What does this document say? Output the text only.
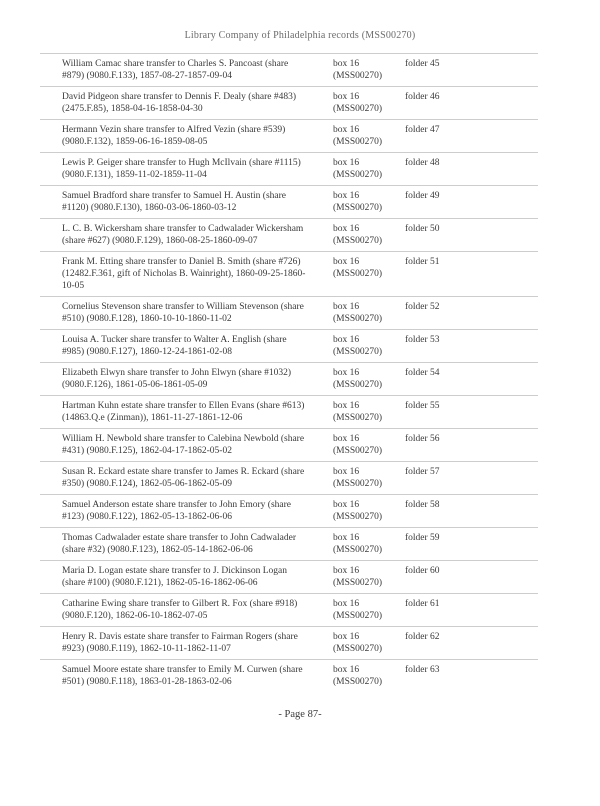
Library Company of Philadelphia records (MSS00270)
William Camac share transfer to Charles S. Pancoast (share #879) (9080.F.133), 1857-08-27-1857-09-04
box 16 (MSS00270)
folder 45
David Pidgeon share transfer to Dennis F. Dealy (share #483) (2475.F.85), 1858-04-16-1858-04-30
box 16 (MSS00270)
folder 46
Hermann Vezin share transfer to Alfred Vezin (share #539) (9080.F.132), 1859-06-16-1859-08-05
box 16 (MSS00270)
folder 47
Lewis P. Geiger share transfer to Hugh McIlvain (share #1115) (9080.F.131), 1859-11-02-1859-11-04
box 16 (MSS00270)
folder 48
Samuel Bradford share transfer to Samuel H. Austin (share #1120) (9080.F.130), 1860-03-06-1860-03-12
box 16 (MSS00270)
folder 49
L. C. B. Wickersham share transfer to Cadwalader Wickersham (share #627) (9080.F.129), 1860-08-25-1860-09-07
box 16 (MSS00270)
folder 50
Frank M. Etting share transfer to Daniel B. Smith (share #726) (12482.F.361, gift of Nicholas B. Wainright), 1860-09-25-1860-10-05
box 16 (MSS00270)
folder 51
Cornelius Stevenson share transfer to William Stevenson (share #510) (9080.F.128), 1860-10-10-1860-11-02
box 16 (MSS00270)
folder 52
Louisa A. Tucker share transfer to Walter A. English (share #985) (9080.F.127), 1860-12-24-1861-02-08
box 16 (MSS00270)
folder 53
Elizabeth Elwyn share transfer to John Elwyn (share #1032) (9080.F.126), 1861-05-06-1861-05-09
box 16 (MSS00270)
folder 54
Hartman Kuhn estate share transfer to Ellen Evans (share #613) (14863.Q.e (Zinman)), 1861-11-27-1861-12-06
box 16 (MSS00270)
folder 55
William H. Newbold share transfer to Calebina Newbold (share #431) (9080.F.125), 1862-04-17-1862-05-02
box 16 (MSS00270)
folder 56
Susan R. Eckard estate share transfer to James R. Eckard (share #350) (9080.F.124), 1862-05-06-1862-05-09
box 16 (MSS00270)
folder 57
Samuel Anderson estate share transfer to John Emory (share #123) (9080.F.122), 1862-05-13-1862-06-06
box 16 (MSS00270)
folder 58
Thomas Cadwalader estate share transfer to John Cadwalader (share #32) (9080.F.123), 1862-05-14-1862-06-06
box 16 (MSS00270)
folder 59
Maria D. Logan estate share transfer to J. Dickinson Logan (share #100) (9080.F.121), 1862-05-16-1862-06-06
box 16 (MSS00270)
folder 60
Catharine Ewing share transfer to Gilbert R. Fox (share #918) (9080.F.120), 1862-06-10-1862-07-05
box 16 (MSS00270)
folder 61
Henry R. Davis estate share transfer to Fairman Rogers (share #923) (9080.F.119), 1862-10-11-1862-11-07
box 16 (MSS00270)
folder 62
Samuel Moore estate share transfer to Emily M. Curwen (share #501) (9080.F.118), 1863-01-28-1863-02-06
box 16 (MSS00270)
folder 63
- Page 87-
